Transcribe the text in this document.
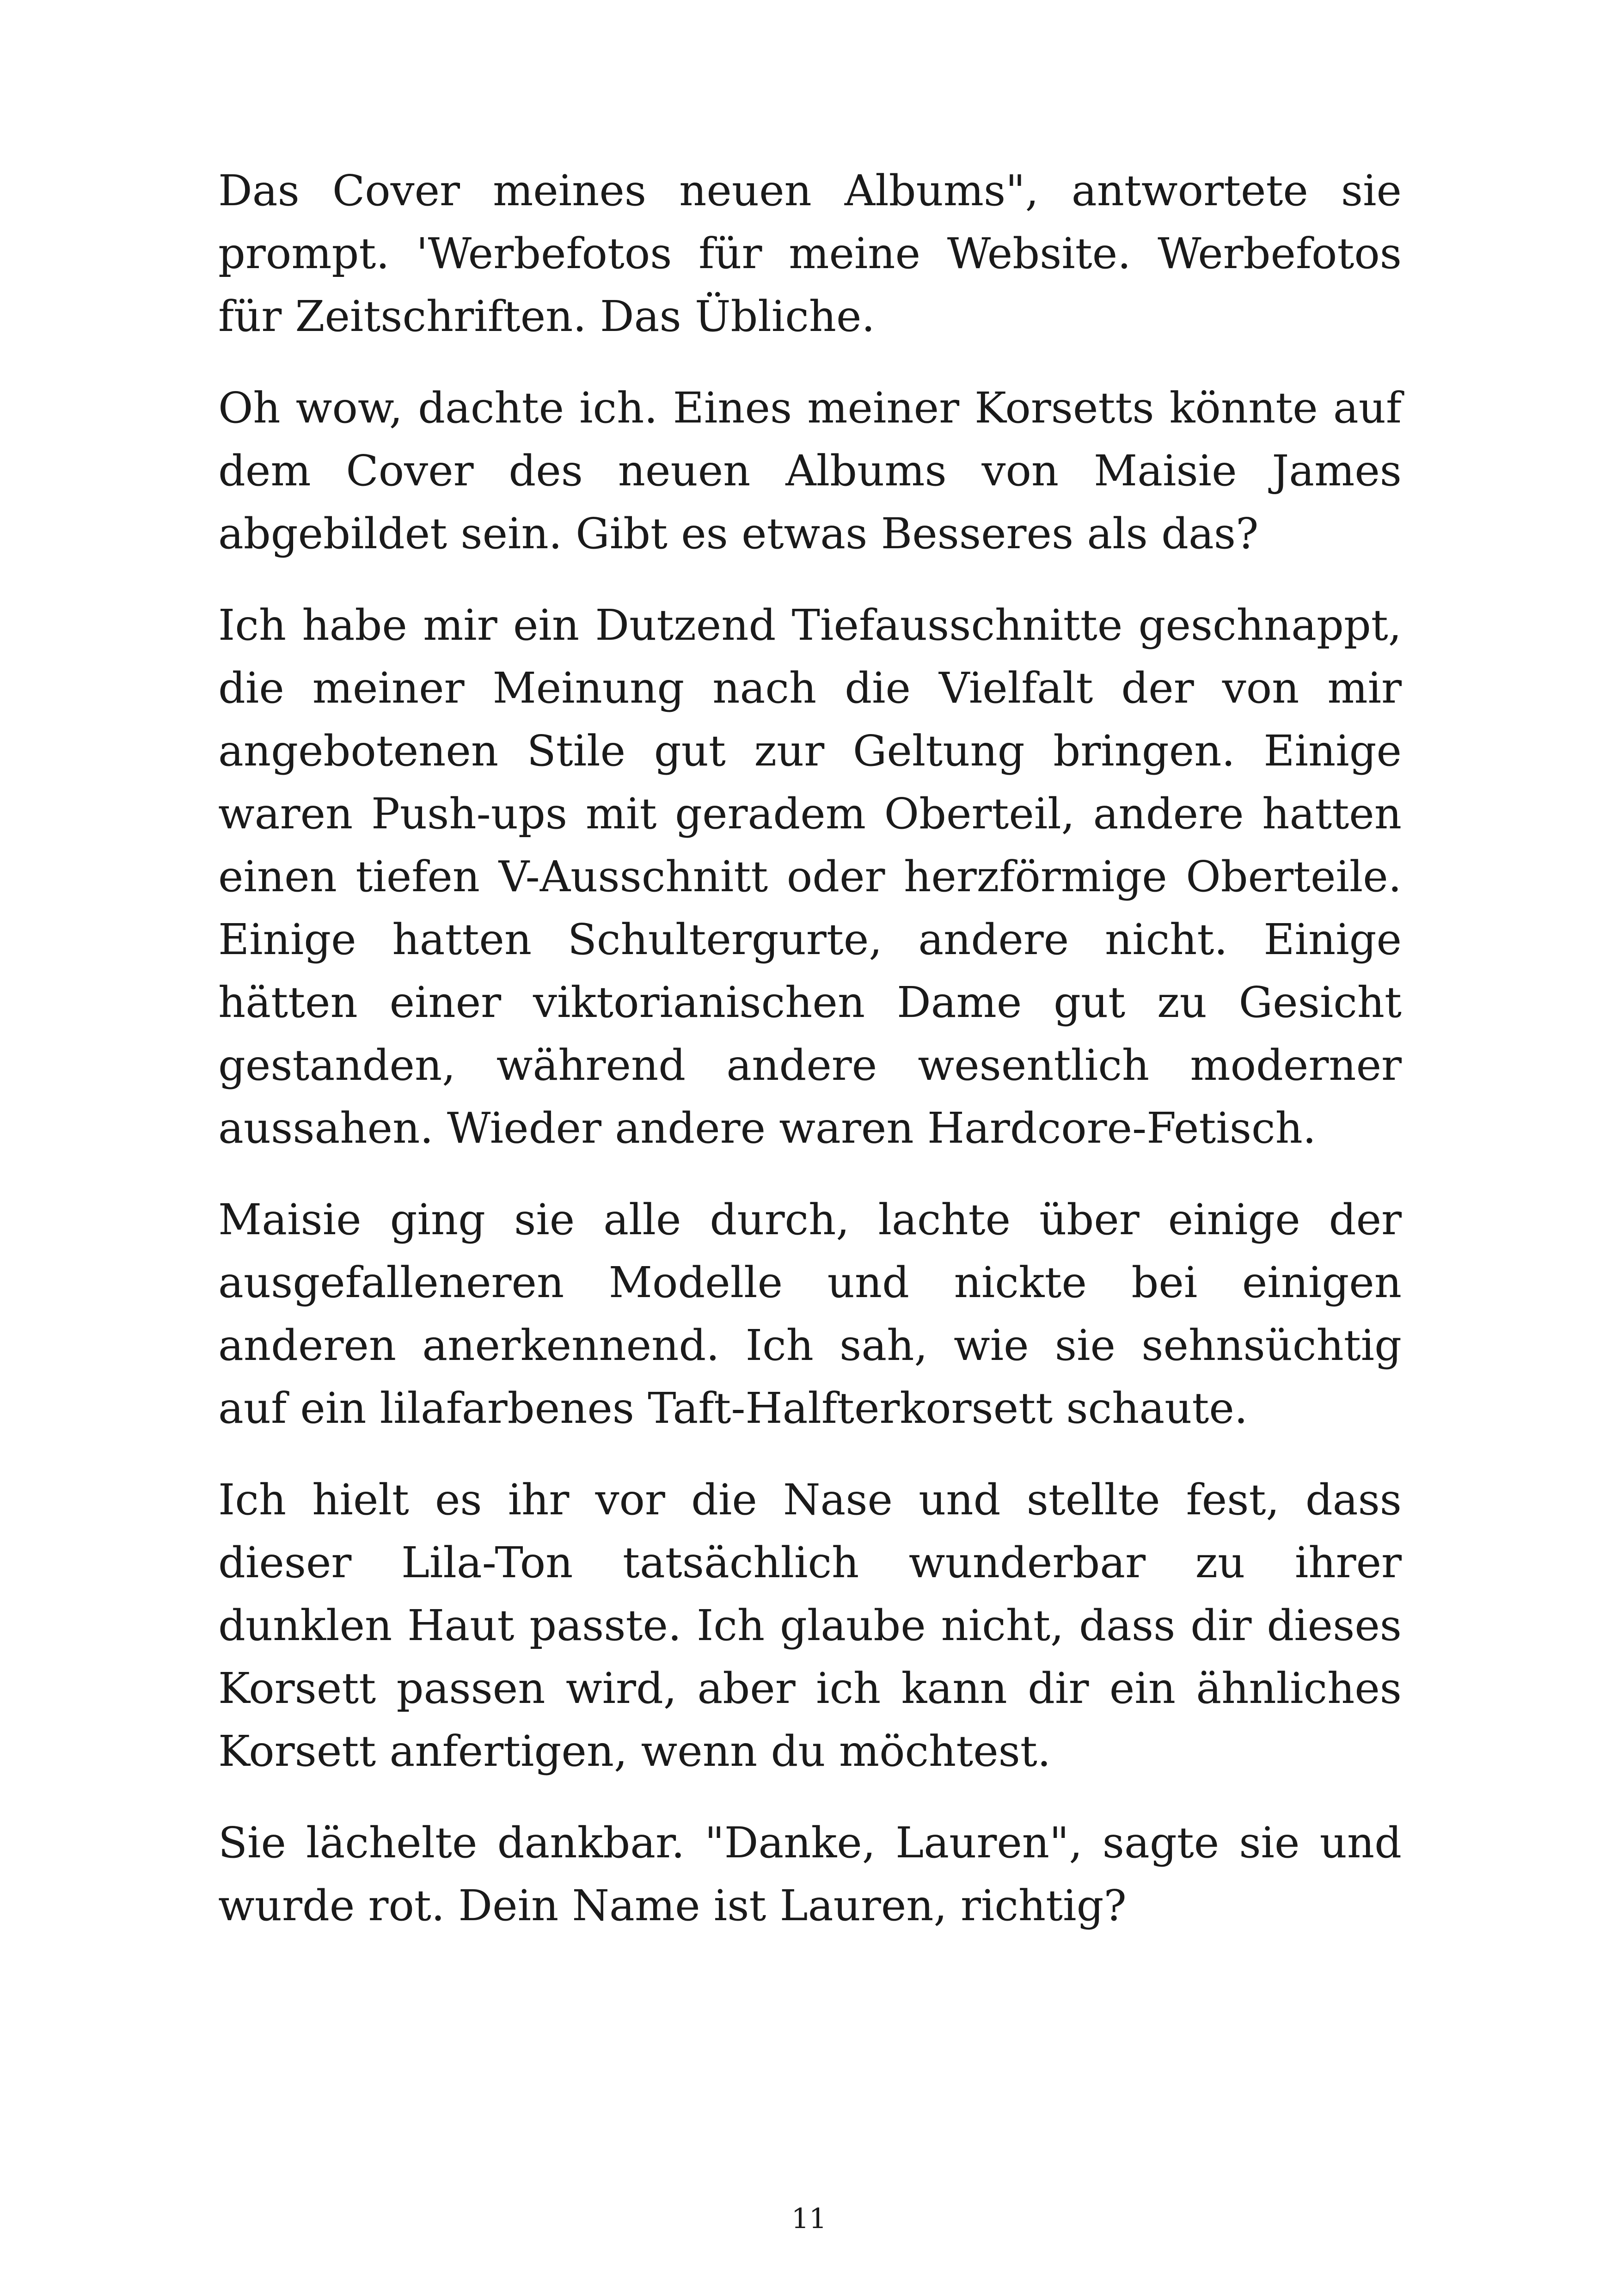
Das Cover meines neuen Albums", antwortete sie prompt. 'Werbefotos für meine Website. Werbefotos für Zeitschriften. Das Übliche.

Oh wow, dachte ich. Eines meiner Korsetts könnte auf dem Cover des neuen Albums von Maisie James abgebildet sein. Gibt es etwas Besseres als das?

Ich habe mir ein Dutzend Tiefausschnitte geschnappt, die meiner Meinung nach die Vielfalt der von mir angebotenen Stile gut zur Geltung bringen. Einige waren Push-ups mit geradem Oberteil, andere hatten einen tiefen V-Ausschnitt oder herzförmige Oberteile. Einige hatten Schultergurte, andere nicht. Einige hätten einer viktorianischen Dame gut zu Gesicht gestanden, während andere wesentlich moderner aussahen. Wieder andere waren Hardcore-Fetisch.

Maisie ging sie alle durch, lachte über einige der ausgefalleneren Modelle und nickte bei einigen anderen anerkennend. Ich sah, wie sie sehnsüchtig auf ein lilafarbenes Taft-Halfterkorsett schaute.

Ich hielt es ihr vor die Nase und stellte fest, dass dieser Lila-Ton tatsächlich wunderbar zu ihrer dunklen Haut passte. Ich glaube nicht, dass dir dieses Korsett passen wird, aber ich kann dir ein ähnliches Korsett anfertigen, wenn du möchtest.

Sie lächelte dankbar. "Danke, Lauren", sagte sie und wurde rot. Dein Name ist Lauren, richtig?

11
